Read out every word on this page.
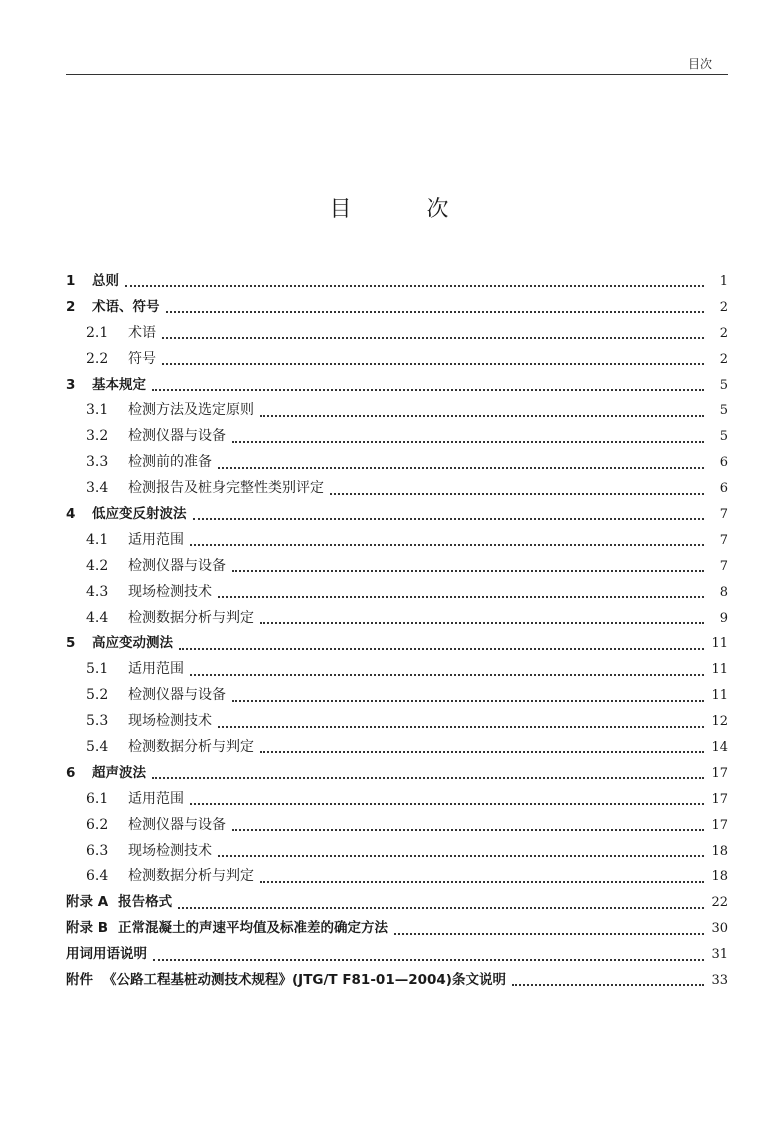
目次
目 次
1	总则	1
2	术语、符号	2
2.1	术语	2
2.2	符号	2
3	基本规定	5
3.1	检测方法及选定原则	5
3.2	检测仪器与设备	5
3.3	检测前的准备	6
3.4	检测报告及桩身完整性类别评定	6
4	低应变反射波法	7
4.1	适用范围	7
4.2	检测仪器与设备	7
4.3	现场检测技术	8
4.4	检测数据分析与判定	9
5	高应变动测法	11
5.1	适用范围	11
5.2	检测仪器与设备	11
5.3	现场检测技术	12
5.4	检测数据分析与判定	14
6	超声波法	17
6.1	适用范围	17
6.2	检测仪器与设备	17
6.3	现场检测技术	18
6.4	检测数据分析与判定	18
附录 A 报告格式	22
附录 B 正常混凝土的声速平均值及标准差的确定方法	30
用词用语说明	31
附件 《公路工程基桩动测技术规程》(JTG/T F81-01—2004)条文说明	33
